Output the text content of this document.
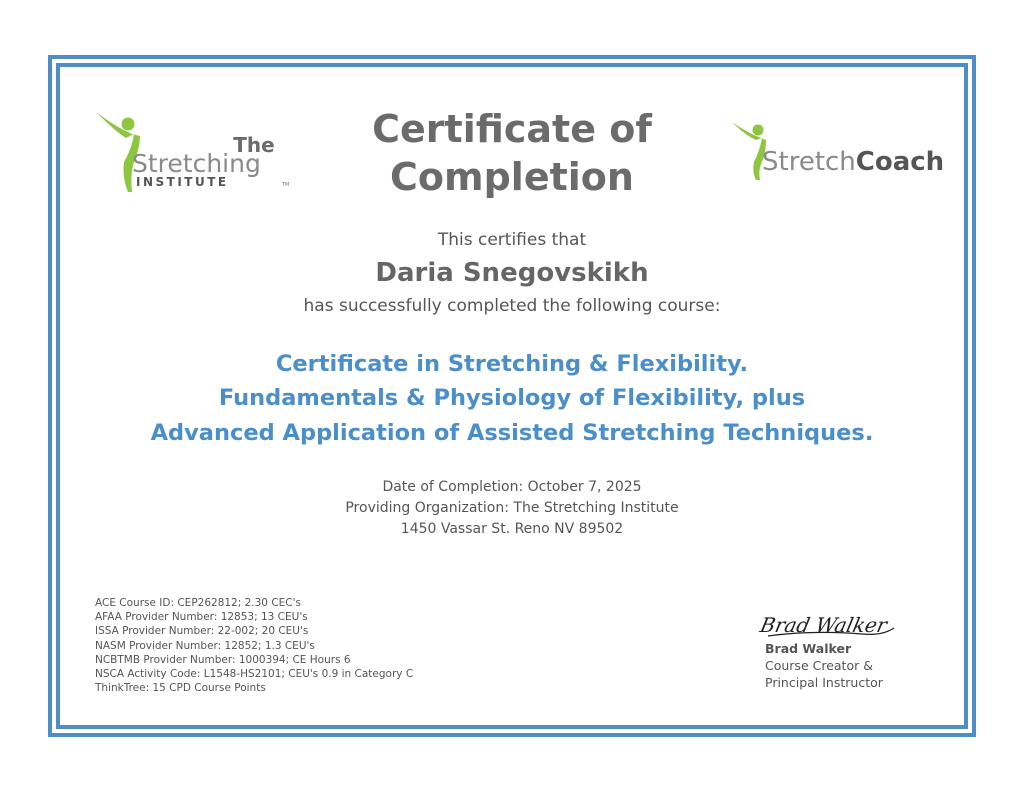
The
Stretching
INSTITUTE	TM
StretchCoach
Certificate of
Completion
This certifies that
Daria Snegovskikh
has successfully completed the following course:
Certificate in Stretching & Flexibility.
Fundamentals & Physiology of Flexibility, plus
Advanced Application of Assisted Stretching Techniques.
Date of Completion: October 7, 2025
Providing Organization: The Stretching Institute
1450 Vassar St. Reno NV 89502
ACE Course ID: CEP262812; 2.30 CEC's
AFAA Provider Number: 12853; 13 CEU's
ISSA Provider Number: 22-002; 20 CEU's
NASM Provider Number: 12852; 1.3 CEU's
NCBTMB Provider Number: 1000394; CE Hours 6
NSCA Activity Code: L1548-HS2101; CEU's 0.9 in Category C
ThinkTree: 15 CPD Course Points
Brad Walker
Brad Walker
Course Creator &
Principal Instructor
